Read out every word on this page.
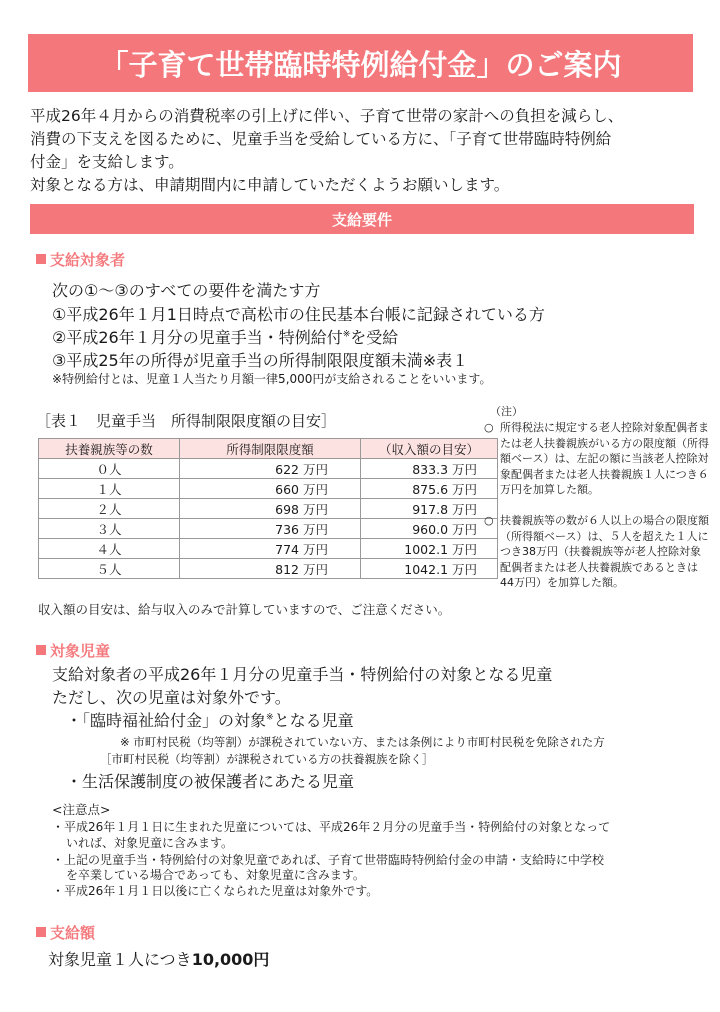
「子育て世帯臨時特例給付金」のご案内
平成26年４月からの消費税率の引上げに伴い、子育て世帯の家計への負担を減らし、
消費の下支えを図るために、児童手当を受給している方に、「子育て世帯臨時特例給
付金」を支給します。
対象となる方は、申請期間内に申請していただくようお願いします。
支給要件
支給対象者
次の①～③のすべての要件を満たす方
①平成26年１月1日時点で高松市の住民基本台帳に記録されている方
②平成26年１月分の児童手当・特例給付※を受給
③平成25年の所得が児童手当の所得制限限度額未満※表１
※特例給付とは、児童１人当たり月額一律5,000円が支給されることをいいます。
［表１　児童手当　所得制限限度額の目安］
扶養親族等の数	所得制限限度額	（収入額の目安）
０人	622 万円	833.3 万円
１人	660 万円	875.6 万円
２人	698 万円	917.8 万円
３人	736 万円	960.0 万円
４人	774 万円	1002.1 万円
５人	812 万円	1042.1 万円
収入額の目安は、給与収入のみで計算していますので、ご注意ください。
（注）
○ 所得税法に規定する老人控除対象配偶者または老人扶養親族がいる方の限度額（所得額ベース）は、左記の額に当該老人控除対象配偶者または老人扶養親族１人につき６万円を加算した額。
○ 扶養親族等の数が６人以上の場合の限度額（所得額ベース）は、５人を超えた１人につき38万円（扶養親族等が老人控除対象配偶者または老人扶養親族であるときは44万円）を加算した額。
対象児童
支給対象者の平成26年１月分の児童手当・特例給付の対象となる児童
ただし、次の児童は対象外です。
・「臨時福祉給付金」の対象※となる児童
※ 市町村民税（均等割）が課税されていない方、または条例により市町村民税を免除された方
［市町村民税（均等割）が課税されている方の扶養親族を除く］
・生活保護制度の被保護者にあたる児童
<注意点>
・平成26年１月１日に生まれた児童については、平成26年２月分の児童手当・特例給付の対象となって
いれば、対象児童に含みます。
・上記の児童手当・特例給付の対象児童であれば、子育て世帯臨時特例給付金の申請・支給時に中学校
を卒業している場合であっても、対象児童に含みます。
・平成26年１月１日以後に亡くなられた児童は対象外です。
支給額
対象児童１人につき10,000円
